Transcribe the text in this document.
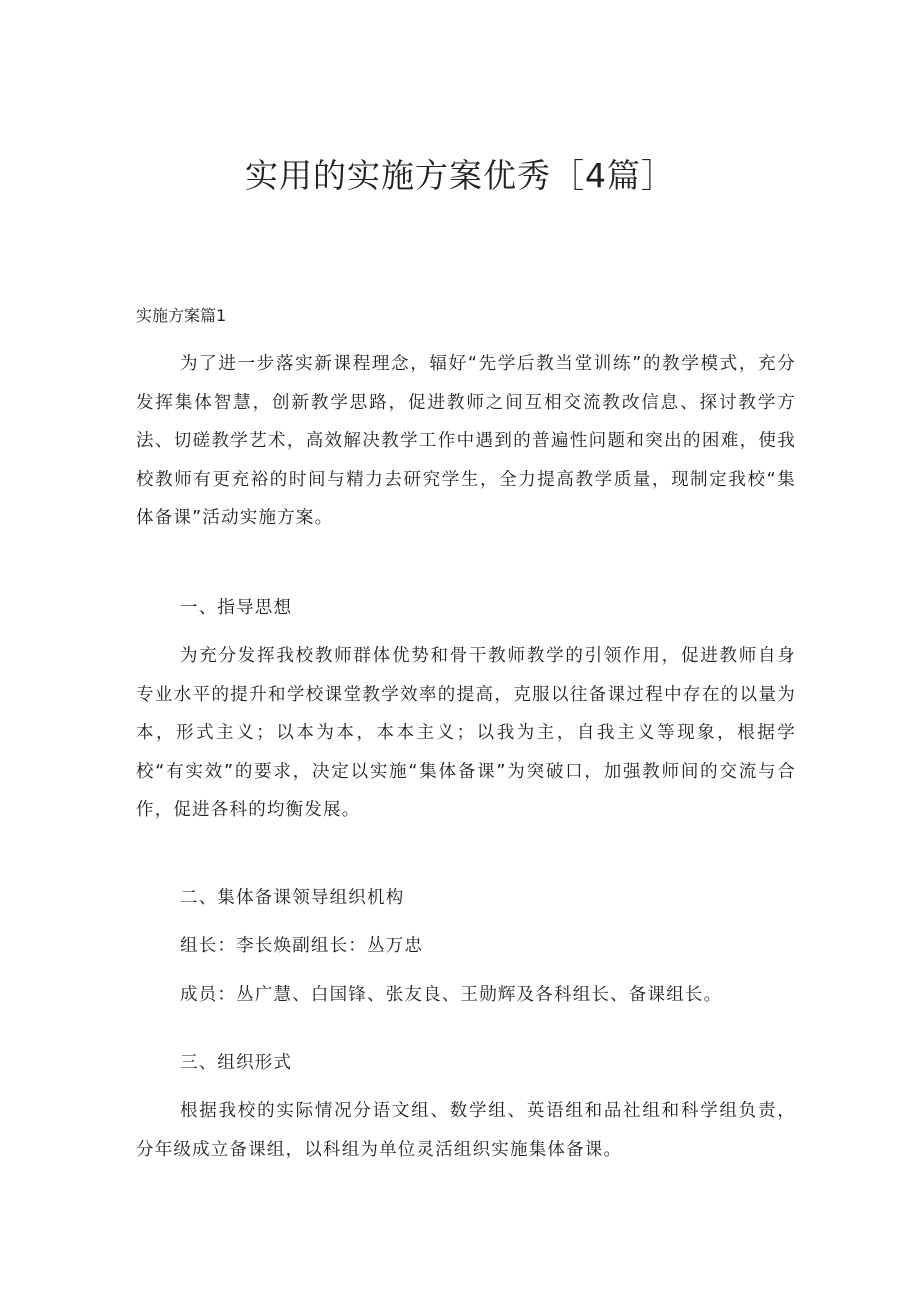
实用的实施方案优秀［4篇］

实施方案篇1

为了进一步落实新课程理念，辐好“先学后教当堂训练”的教学模式，充分发挥集体智慧，创新教学思路，促进教师之间互相交流教改信息、探讨教学方法、切磋教学艺术，高效解决教学工作中遇到的普遍性问题和突出的困难，使我校教师有更充裕的时间与精力去研究学生，全力提高教学质量，现制定我校“集体备课”活动实施方案。

一、指导思想

为充分发挥我校教师群体优势和骨干教师教学的引领作用，促进教师自身专业水平的提升和学校课堂教学效率的提高，克服以往备课过程中存在的以量为本，形式主义；以本为本，本本主义；以我为主，自我主义等现象，根据学校“有实效”的要求，决定以实施“集体备课”为突破口，加强教师间的交流与合作，促进各科的均衡发展。

二、集体备课领导组织机构

组长：李长焕副组长：丛万忠

成员：丛广慧、白国锋、张友良、王勋辉及各科组长、备课组长。

三、组织形式

根据我校的实际情况分语文组、数学组、英语组和品社组和科学组负责，分年级成立备课组，以科组为单位灵活组织实施集体备课。
